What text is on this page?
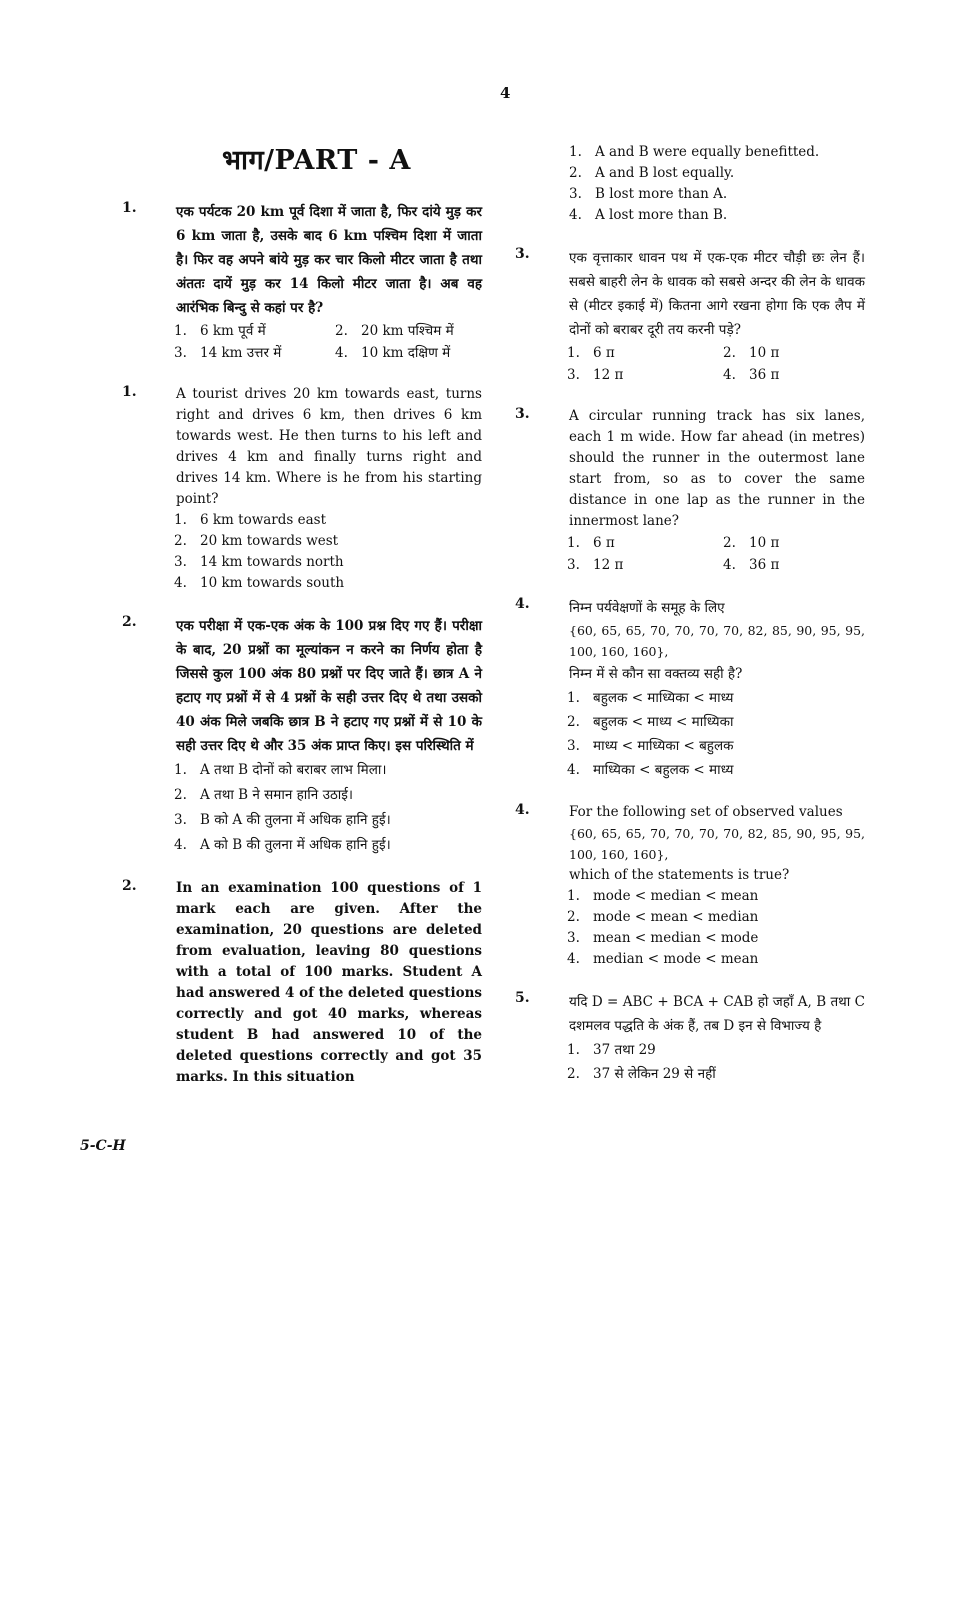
4
भाग/PART - A
1.	एक पर्यटक 20 km पूर्व दिशा में जाता है, फिर दांये मुड़ कर 6 km जाता है, उसके बाद 6 km पश्चिम दिशा में जाता है। फिर वह अपने बांये मुड़ कर चार किलो मीटर जाता है तथा अंततः दायें मुड़ कर 14 किलो मीटर जाता है। अब वह आरंभिक बिन्दु से कहां पर है?
1. 6 km पूर्व में	2. 20 km पश्चिम में
3. 14 km उत्तर में	4. 10 km दक्षिण में
1.	A tourist drives 20 km towards east, turns right and drives 6 km, then drives 6 km towards west. He then turns to his left and drives 4 km and finally turns right and drives 14 km. Where is he from his starting point?
1. 6 km towards east
2. 20 km towards west
3. 14 km towards north
4. 10 km towards south
2.	एक परीक्षा में एक-एक अंक के 100 प्रश्न दिए गए हैं। परीक्षा के बाद, 20 प्रश्नों का मूल्यांकन न करने का निर्णय होता है जिससे कुल 100 अंक 80 प्रश्नों पर दिए जाते हैं। छात्र A ने हटाए गए प्रश्नों में से 4 प्रश्नों के सही उत्तर दिए थे तथा उसको 40 अंक मिले जबकि छात्र B ने हटाए गए प्रश्नों में से 10 के सही उत्तर दिए थे और 35 अंक प्राप्त किए। इस परिस्थिति में
1. A तथा B दोनों को बराबर लाभ मिला।
2. A तथा B ने समान हानि उठाई।
3. B को A की तुलना में अधिक हानि हुई।
4. A को B की तुलना में अधिक हानि हुई।
2.	In an examination 100 questions of 1 mark each are given. After the examination, 20 questions are deleted from evaluation, leaving 80 questions with a total of 100 marks. Student A had answered 4 of the deleted questions correctly and got 40 marks, whereas student B had answered 10 of the deleted questions correctly and got 35 marks. In this situation
1. A and B were equally benefitted.
2. A and B lost equally.
3. B lost more than A.
4. A lost more than B.
3.	एक वृत्ताकार धावन पथ में एक-एक मीटर चौड़ी छः लेन हैं। सबसे बाहरी लेन के धावक को सबसे अन्दर की लेन के धावक से (मीटर इकाई में) कितना आगे रखना होगा कि एक लैप में दोनों को बराबर दूरी तय करनी पड़े?
1. 6 π	2. 10 π
3. 12 π	4. 36 π
3.	A circular running track has six lanes, each 1 m wide. How far ahead (in metres) should the runner in the outermost lane start from, so as to cover the same distance in one lap as the runner in the innermost lane?
1. 6 π	2. 10 π
3. 12 π	4. 36 π
4.	निम्न पर्यवेक्षणों के समूह के लिए
{60, 65, 65, 70, 70, 70, 70, 82, 85, 90, 95, 95, 100, 160, 160},
निम्न में से कौन सा वक्तव्य सही है?
1. बहुलक < माध्यिका < माध्य
2. बहुलक < माध्य < माध्यिका
3. माध्य < माध्यिका < बहुलक
4. माध्यिका < बहुलक < माध्य
4.	For the following set of observed values
{60, 65, 65, 70, 70, 70, 70, 82, 85, 90, 95, 95, 100, 160, 160},
which of the statements is true?
1. mode < median < mean
2. mode < mean < median
3. mean < median < mode
4. median < mode < mean
5.	यदि D = ABC + BCA + CAB हो जहाँ A, B तथा C दशमलव पद्धति के अंक हैं, तब D इन से विभाज्य है
1. 37 तथा 29
2. 37 से लेकिन 29 से नहीं
5-C-H
